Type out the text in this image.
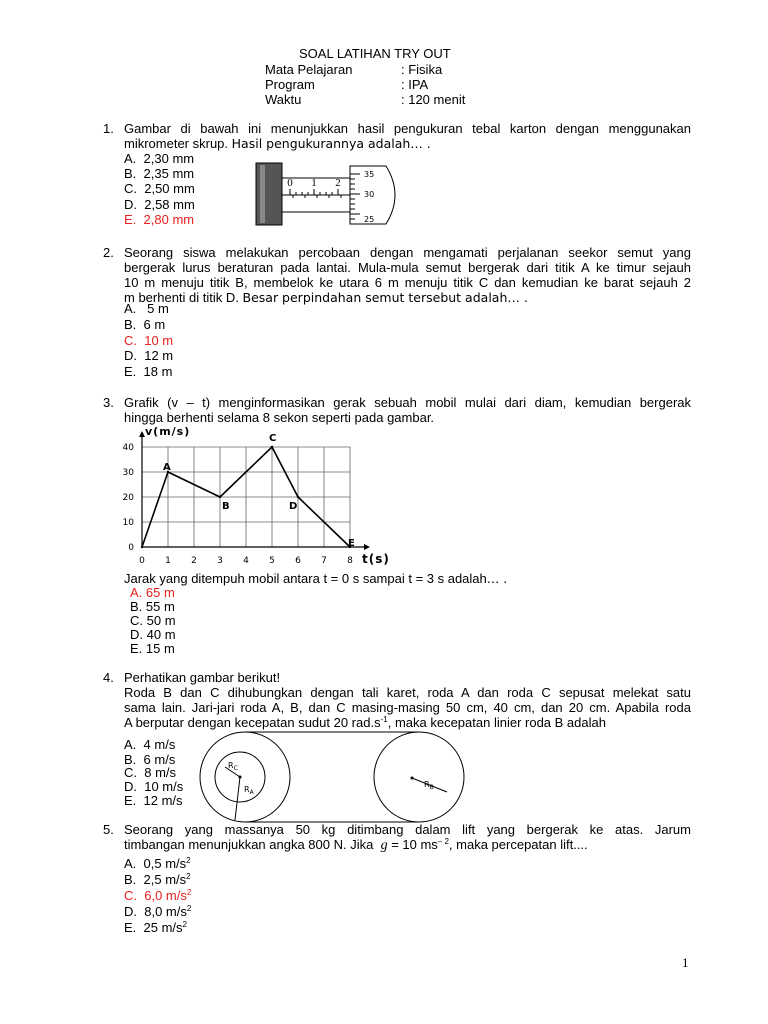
SOAL LATIHAN TRY OUT
Mata Pelajaran	: Fisika
Program	: IPA
Waktu	: 120 menit
1. Gambar di bawah ini menunjukkan hasil pengukuran tebal karton dengan menggunakan
mikrometer skrup. Hasil pengukurannya adalah… .
A. 2,30 mm
B. 2,35 mm
C. 2,50 mm
D. 2,58 mm
E. 2,80 mm
0 1 2
35
30
25
2. Seorang siswa melakukan percobaan dengan mengamati perjalanan seekor semut yang
bergerak lurus beraturan pada lantai. Mula-mula semut bergerak dari titik A ke timur sejauh
10 m menuju titik B, membelok ke utara 6 m menuju titik C dan kemudian ke barat sejauh 2
m berhenti di titik D. Besar perpindahan semut tersebut adalah… .
A. 5 m
B. 6 m
C. 10 m
D. 12 m
E. 18 m
3. Grafik (v – t) menginformasikan gerak sebuah mobil mulai dari diam, kemudian bergerak
hingga berhenti selama 8 sekon seperti pada gambar.
0 1 2 3 4 5 6 7 8
0
10
20
30
40
A
B
C
D
E
v(m/s)
t(s)
Jarak yang ditempuh mobil antara t = 0 s sampai t = 3 s adalah… .
A. 65 m
B. 55 m
C. 50 m
D. 40 m
E. 15 m
4. Perhatikan gambar berikut!
Roda B dan C dihubungkan dengan tali karet, roda A dan roda C sepusat melekat satu
sama lain. Jari-jari roda A, B, dan C masing-masing 50 cm, 40 cm, dan 20 cm. Apabila roda
A berputar dengan kecepatan sudut 20 $rad.s^{-1}$, maka kecepatan linier roda B adalah
A. 4 m/s
B. 6 m/s
C. 8 m/s
D. 10 m/s
E. 12 m/s
$R_C$
$R_A$
$R_B$
5. Seorang yang massanya 50 kg ditimbang dalam lift yang bergerak ke atas. Jarum
timbangan menunjukkan angka 800 N. Jika g = 10 $ms^{- 2}$, maka percepatan lift....
A. 0,5 $m/s^2$
B. 2,5 $m/s^2$
C. 6,0 $m/s^2$
D. 8,0 $m/s^2$
E. 25 $m/s^2$
1
